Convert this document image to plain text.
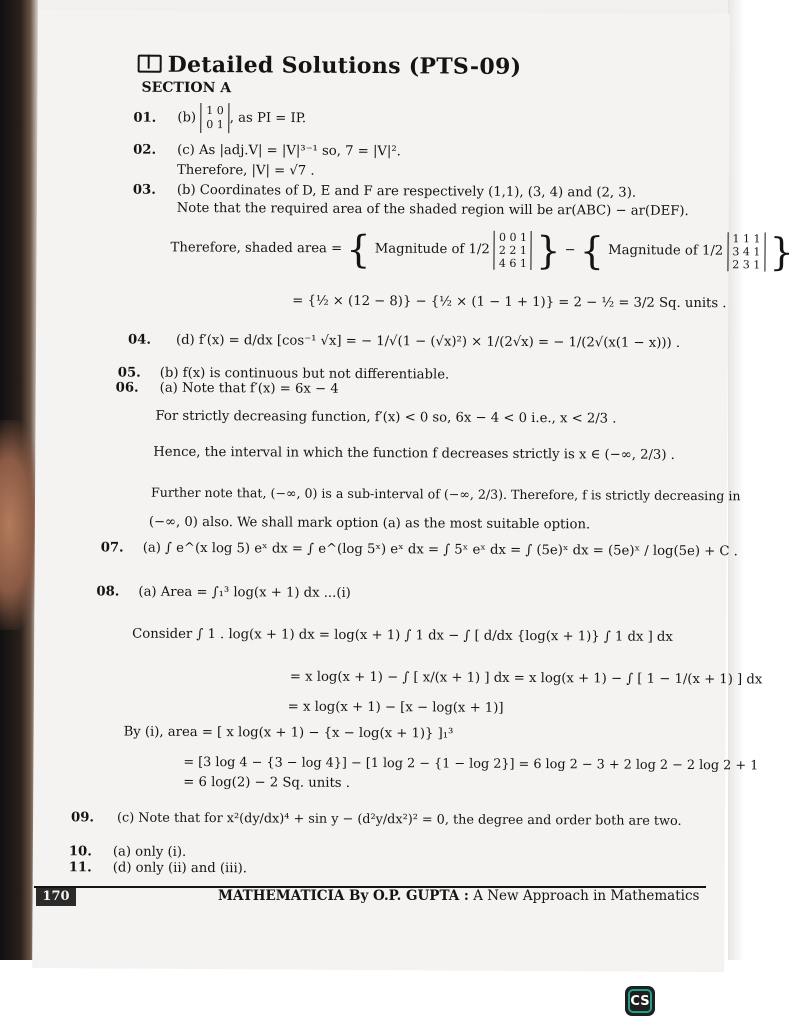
Detailed Solutions (PTS-09)
SECTION A
01. (b) 1 0
0 1 , as PI = IP.
02. (c) As |adj.V| = |V|³⁻¹ so, 7 = |V|².
Therefore, |V| = √7 .
03. (b) Coordinates of D, E and F are respectively (1,1), (3, 4) and (2, 3).
Note that the required area of the shaded region will be ar(ABC) − ar(DEF).
Therefore, shaded area = { Magnitude of 1/2
0 0 1
2 2 1
4 6 1 } − { Magnitude of 1/2
1 1 1
3 4 1
2 3 1 }
= {½ × (12 − 8)} − {½ × (1 − 1 + 1)} = 2 − ½ = 3/2 Sq. units .
04. (d) f′(x) = d/dx [cos⁻¹ √x] = − 1/√(1 − (√x)²) × 1/(2√x) = − 1/(2√(x(1 − x))) .
05. (b) f(x) is continuous but not differentiable.
06. (a) Note that f′(x) = 6x − 4
For strictly decreasing function, f′(x) < 0 so, 6x − 4 < 0 i.e., x < 2/3 .
Hence, the interval in which the function f decreases strictly is x ∈ (−∞, 2/3) .
Further note that, (−∞, 0) is a sub-interval of (−∞, 2/3). Therefore, f is strictly decreasing in
(−∞, 0) also. We shall mark option (a) as the most suitable option.
07. (a) ∫ e^(x log 5) eˣ dx = ∫ e^(log 5ˣ) eˣ dx = ∫ 5ˣ eˣ dx = ∫ (5e)ˣ dx = (5e)ˣ / log(5e) + C .
08. (a) Area = ∫₁³ log(x + 1) dx ...(i)
Consider ∫ 1 . log(x + 1) dx = log(x + 1) ∫ 1 dx − ∫ [ d/dx {log(x + 1)} ∫ 1 dx ] dx
= x log(x + 1) − ∫ [ x/(x + 1) ] dx = x log(x + 1) − ∫ [ 1 − 1/(x + 1) ] dx
= x log(x + 1) − [x − log(x + 1)]
By (i), area = [ x log(x + 1) − {x − log(x + 1)} ]₁³
= [3 log 4 − {3 − log 4}] − [1 log 2 − {1 − log 2}] = 6 log 2 − 3 + 2 log 2 − 2 log 2 + 1
= 6 log(2) − 2 Sq. units .
09. (c) Note that for x²(dy/dx)⁴ + sin y − (d²y/dx²)² = 0, the degree and order both are two.
10. (a) only (i).
11. (d) only (ii) and (iii).
170	MATHEMATICIA By O.P. GUPTA : A New Approach in Mathematics
CS
